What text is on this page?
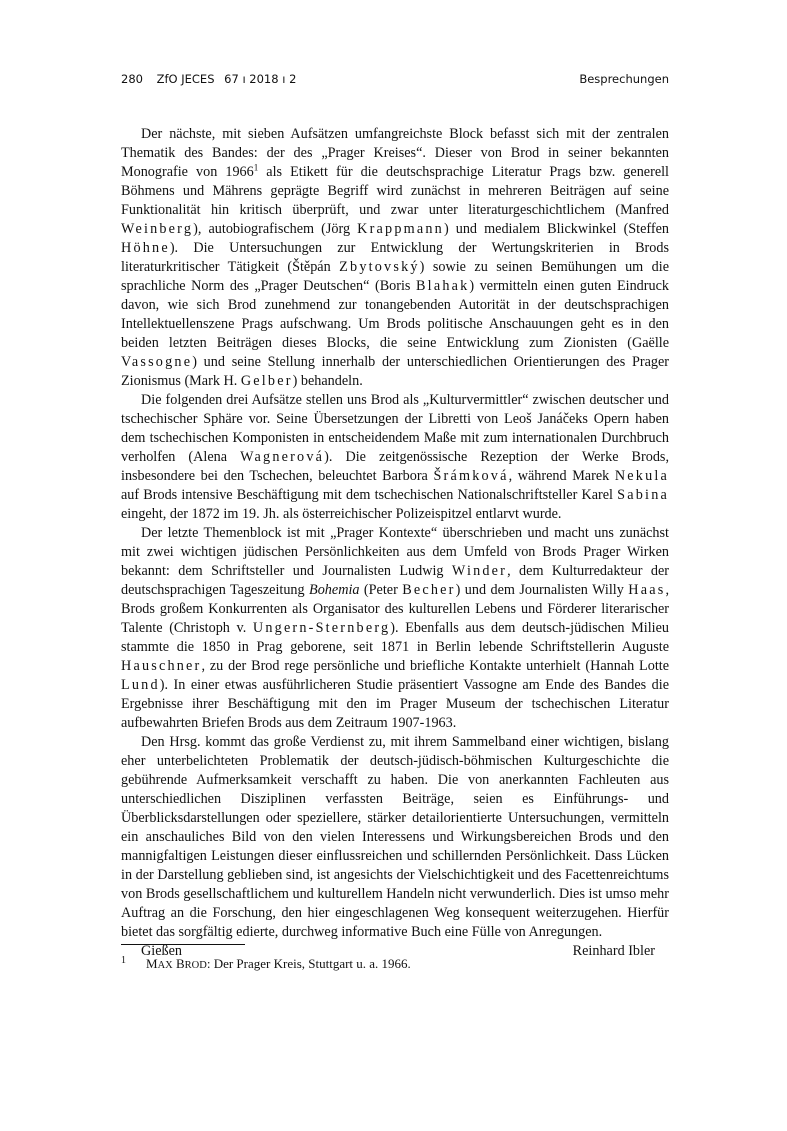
280 ZfO JECES 67 ı 2018 ı 2	Besprechungen

Der nächste, mit sieben Aufsätzen umfangreichste Block befasst sich mit der zentralen Thematik des Bandes: der des „Prager Kreises“. Dieser von Brod in seiner bekannten Monografie von 1966$^1$ als Etikett für die deutschsprachige Literatur Prags bzw. generell Böhmens und Mährens geprägte Begriff wird zunächst in mehreren Beiträgen auf seine Funktionalität hin kritisch überprüft, und zwar unter literaturgeschichtlichem (Manfred Weinberg), autobiografischem (Jörg Krappmann) und medialem Blickwinkel (Steffen Höhne). Die Untersuchungen zur Entwicklung der Wertungskriterien in Brods literaturkritischer Tätigkeit (Štěpán Zbytovský) sowie zu seinen Bemühungen um die sprachliche Norm des „Prager Deutschen“ (Boris Blahak) vermitteln einen guten Eindruck davon, wie sich Brod zunehmend zur tonangebenden Autorität in der deutschsprachigen Intellektuellenszene Prags aufschwang. Um Brods politische Anschauungen geht es in den beiden letzten Beiträgen dieses Blocks, die seine Entwicklung zum Zionisten (Gaëlle Vassogne) und seine Stellung innerhalb der unterschiedlichen Orientierungen des Prager Zionismus (Mark H. Gelber) behandeln.

Die folgenden drei Aufsätze stellen uns Brod als „Kulturvermittler“ zwischen deutscher und tschechischer Sphäre vor. Seine Übersetzungen der Libretti von Leoš Janáčeks Opern haben dem tschechischen Komponisten in entscheidendem Maße mit zum internationalen Durchbruch verholfen (Alena Wagnerová). Die zeitgenössische Rezeption der Werke Brods, insbesondere bei den Tschechen, beleuchtet Barbora Šrámková, während Marek Nekula auf Brods intensive Beschäftigung mit dem tschechischen Nationalschriftsteller Karel Sabina eingeht, der 1872 im 19. Jh. als österreichischer Polizeispitzel entlarvt wurde.

Der letzte Themenblock ist mit „Prager Kontexte“ überschrieben und macht uns zunächst mit zwei wichtigen jüdischen Persönlichkeiten aus dem Umfeld von Brods Prager Wirken bekannt: dem Schriftsteller und Journalisten Ludwig Winder, dem Kulturredakteur der deutschsprachigen Tageszeitung Bohemia (Peter Becher) und dem Journalisten Willy Haas, Brods großem Konkurrenten als Organisator des kulturellen Lebens und Förderer literarischer Talente (Christoph v. Ungern-Sternberg). Ebenfalls aus dem deutsch-jüdischen Milieu stammte die 1850 in Prag geborene, seit 1871 in Berlin lebende Schriftstellerin Auguste Hauschner, zu der Brod rege persönliche und briefliche Kontakte unterhielt (Hannah Lotte Lund). In einer etwas ausführlicheren Studie präsentiert Vassogne am Ende des Bandes die Ergebnisse ihrer Beschäftigung mit den im Prager Museum der tschechischen Literatur aufbewahrten Briefen Brods aus dem Zeitraum 1907-1963.

Den Hrsg. kommt das große Verdienst zu, mit ihrem Sammelband einer wichtigen, bislang eher unterbelichteten Problematik der deutsch-jüdisch-böhmischen Kulturgeschichte die gebührende Aufmerksamkeit verschafft zu haben. Die von anerkannten Fachleuten aus unterschiedlichen Disziplinen verfassten Beiträge, seien es Einführungs- und Überblicksdarstellungen oder speziellere, stärker detailorientierte Untersuchungen, vermitteln ein anschauliches Bild von den vielen Interessens und Wirkungsbereichen Brods und den mannigfaltigen Leistungen dieser einflussreichen und schillernden Persönlichkeit. Dass Lücken in der Darstellung geblieben sind, ist angesichts der Vielschichtigkeit und des Facettenreichtums von Brods gesellschaftlichem und kulturellem Handeln nicht verwunderlich. Dies ist umso mehr Auftrag an die Forschung, den hier eingeschlagenen Weg konsequent weiterzugehen. Hierfür bietet das sorgfältig edierte, durchweg informative Buch eine Fülle von Anregungen.

Gießen	Reinhard Ibler
1 MAX BROD: Der Prager Kreis, Stuttgart u. a. 1966.
